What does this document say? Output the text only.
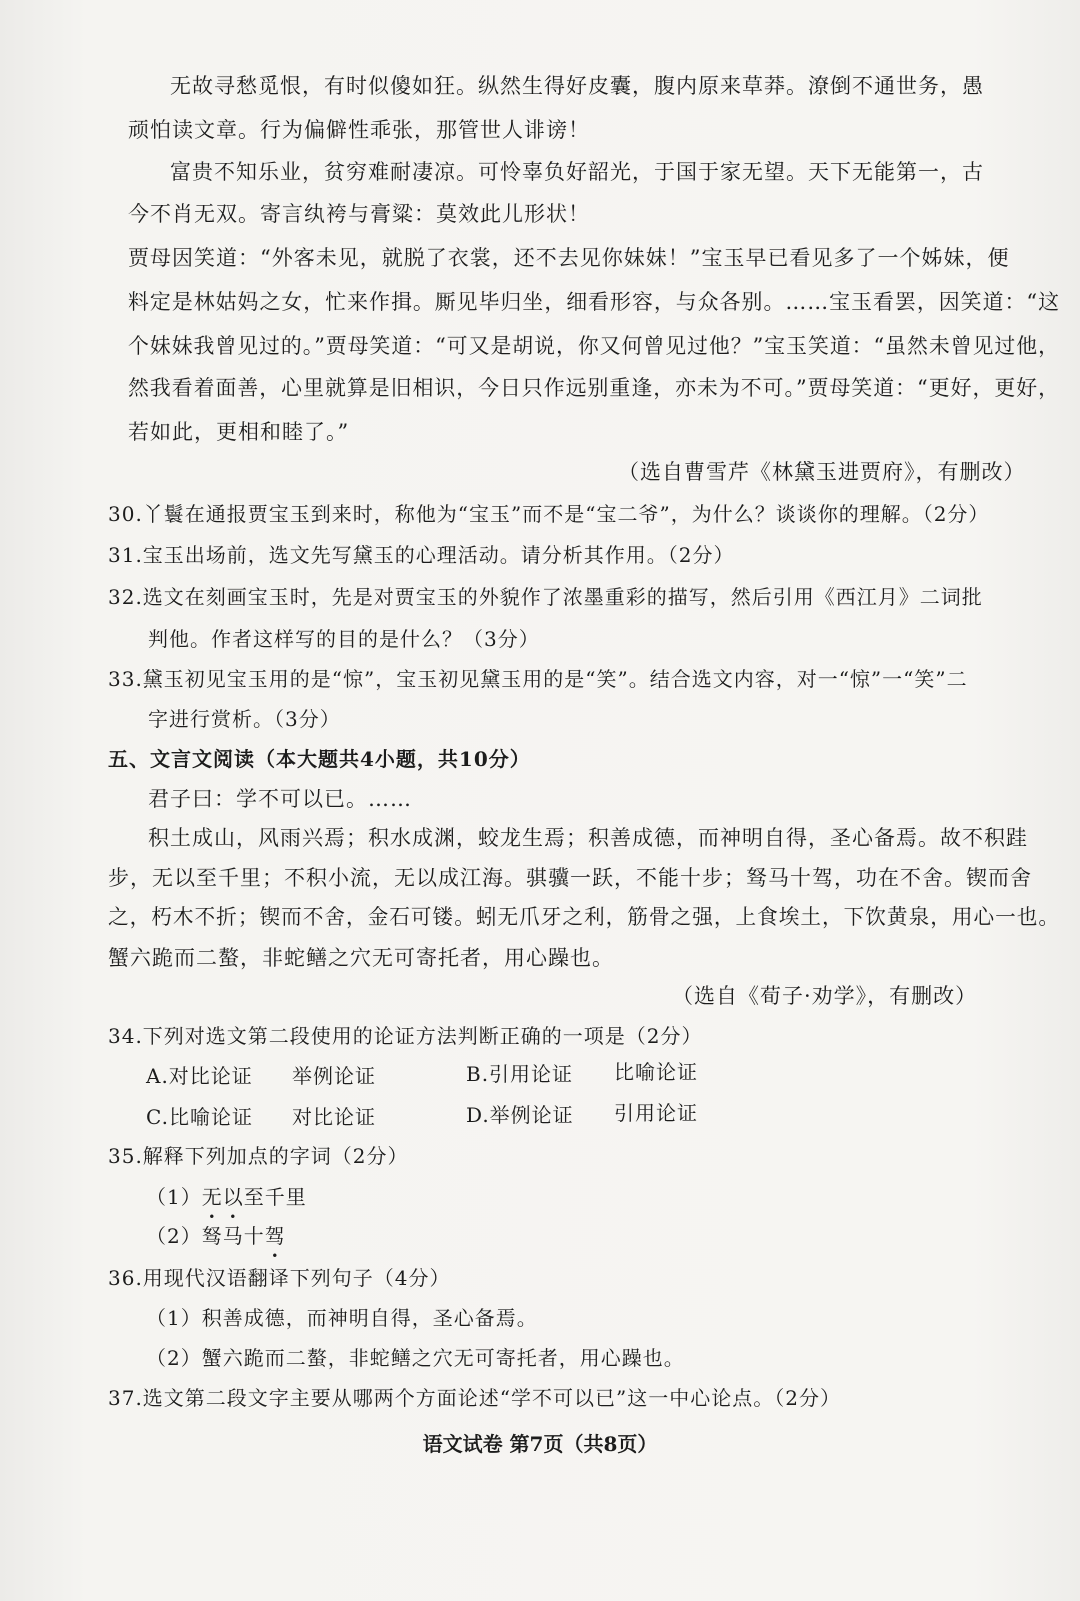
无故寻愁觅恨，有时似傻如狂。纵然生得好皮囊，腹内原来草莽。潦倒不通世务，愚
顽怕读文章。行为偏僻性乖张，那管世人诽谤！
富贵不知乐业，贫穷难耐凄凉。可怜辜负好韶光，于国于家无望。天下无能第一，古
今不肖无双。寄言纨袴与膏粱：莫效此儿形状！
贾母因笑道：“外客未见，就脱了衣裳，还不去见你妹妹！”宝玉早已看见多了一个姊妹，便
料定是林姑妈之女，忙来作揖。厮见毕归坐，细看形容，与众各别。……宝玉看罢，因笑道：“这
个妹妹我曾见过的。”贾母笑道：“可又是胡说，你又何曾见过他？”宝玉笑道：“虽然未曾见过他，
然我看着面善，心里就算是旧相识，今日只作远别重逢，亦未为不可。”贾母笑道：“更好，更好，
若如此，更相和睦了。”
（选自曹雪芹《林黛玉进贾府》，有删改）
30.丫鬟在通报贾宝玉到来时，称他为“宝玉”而不是“宝二爷”，为什么？谈谈你的理解。（2分）
31.宝玉出场前，选文先写黛玉的心理活动。请分析其作用。（2分）
32.选文在刻画宝玉时，先是对贾宝玉的外貌作了浓墨重彩的描写，然后引用《西江月》二词批
判他。作者这样写的目的是什么？（3分）
33.黛玉初见宝玉用的是“惊”，宝玉初见黛玉用的是“笑”。结合选文内容，对一“惊”一“笑”二
字进行赏析。（3分）
五、文言文阅读（本大题共4小题，共10分）
君子曰：学不可以已。……
积土成山，风雨兴焉；积水成渊，蛟龙生焉；积善成德，而神明自得，圣心备焉。故不积跬
步，无以至千里；不积小流，无以成江海。骐骥一跃，不能十步；驽马十驾，功在不舍。锲而舍
之，朽木不折；锲而不舍，金石可镂。蚓无爪牙之利，筋骨之强，上食埃土，下饮黄泉，用心一也。
蟹六跪而二螯，非蛇鳝之穴无可寄托者，用心躁也。
（选自《荀子·劝学》，有删改）
34.下列对选文第二段使用的论证方法判断正确的一项是（2分）
A.对比论证 举例论证	B.引用论证 比喻论证
C.比喻论证 对比论证	D.举例论证 引用论证
35.解释下列加点的字词（2分）
（1）无以至千里
（2）驽马十驾
36.用现代汉语翻译下列句子（4分）
（1）积善成德，而神明自得，圣心备焉。
（2）蟹六跪而二螯，非蛇鳝之穴无可寄托者，用心躁也。
37.选文第二段文字主要从哪两个方面论述“学不可以已”这一中心论点。（2分）
语文试卷 第7页（共8页）
